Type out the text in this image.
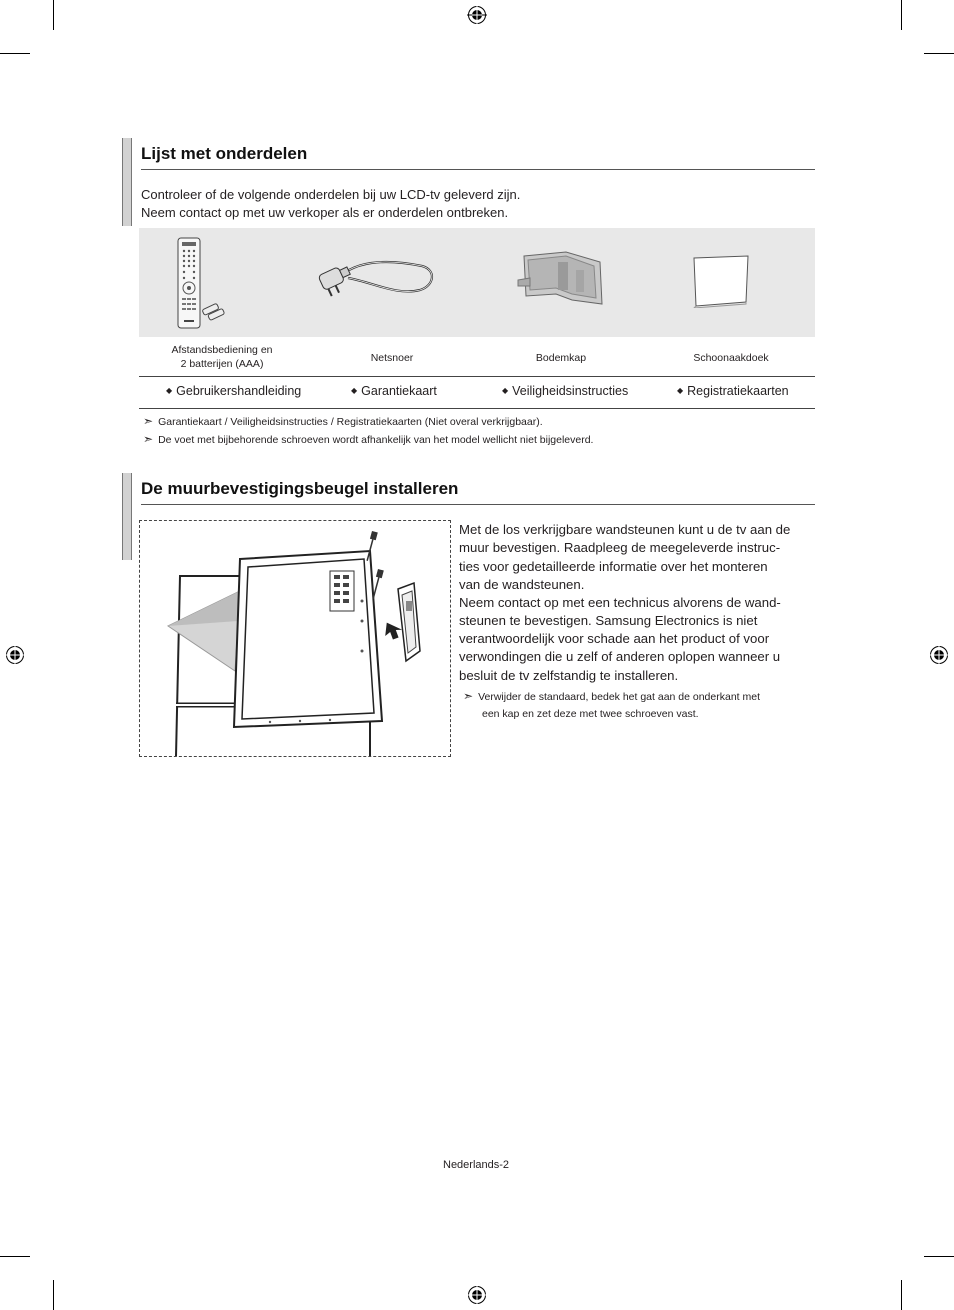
Lijst met onderdelen
Controleer of de volgende onderdelen bij uw LCD-tv geleverd zijn.
Neem contact op met uw verkoper als er onderdelen ontbreken.
Afstandsbediening en
2 batterijen (AAA)	Netsnoer	Bodemkap	Schoonaakdoek
◆ Gebruikershandleiding	◆ Garantiekaart	◆ Veiligheidsinstructies	◆ Registratiekaarten
➣ Garantiekaart / Veiligheidsinstructies / Registratiekaarten (Niet overal verkrijgbaar).
➣ De voet met bijbehorende schroeven wordt afhankelijk van het model wellicht niet bijgeleverd.
De muurbevestigingsbeugel installeren
Met de los verkrijgbare wandsteunen kunt u de tv aan de
muur bevestigen. Raadpleeg de meegeleverde instruc-
ties voor gedetailleerde informatie over het monteren
van de wandsteunen.
Neem contact op met een technicus alvorens de wand-
steunen te bevestigen. Samsung Electronics is niet
verantwoordelijk voor schade aan het product of voor
verwondingen die u zelf of anderen oplopen wanneer u
besluit de tv zelfstandig te installeren.
➣ Verwijder de standaard, bedek het gat aan de onderkant met
een kap en zet deze met twee schroeven vast.
Nederlands-2
